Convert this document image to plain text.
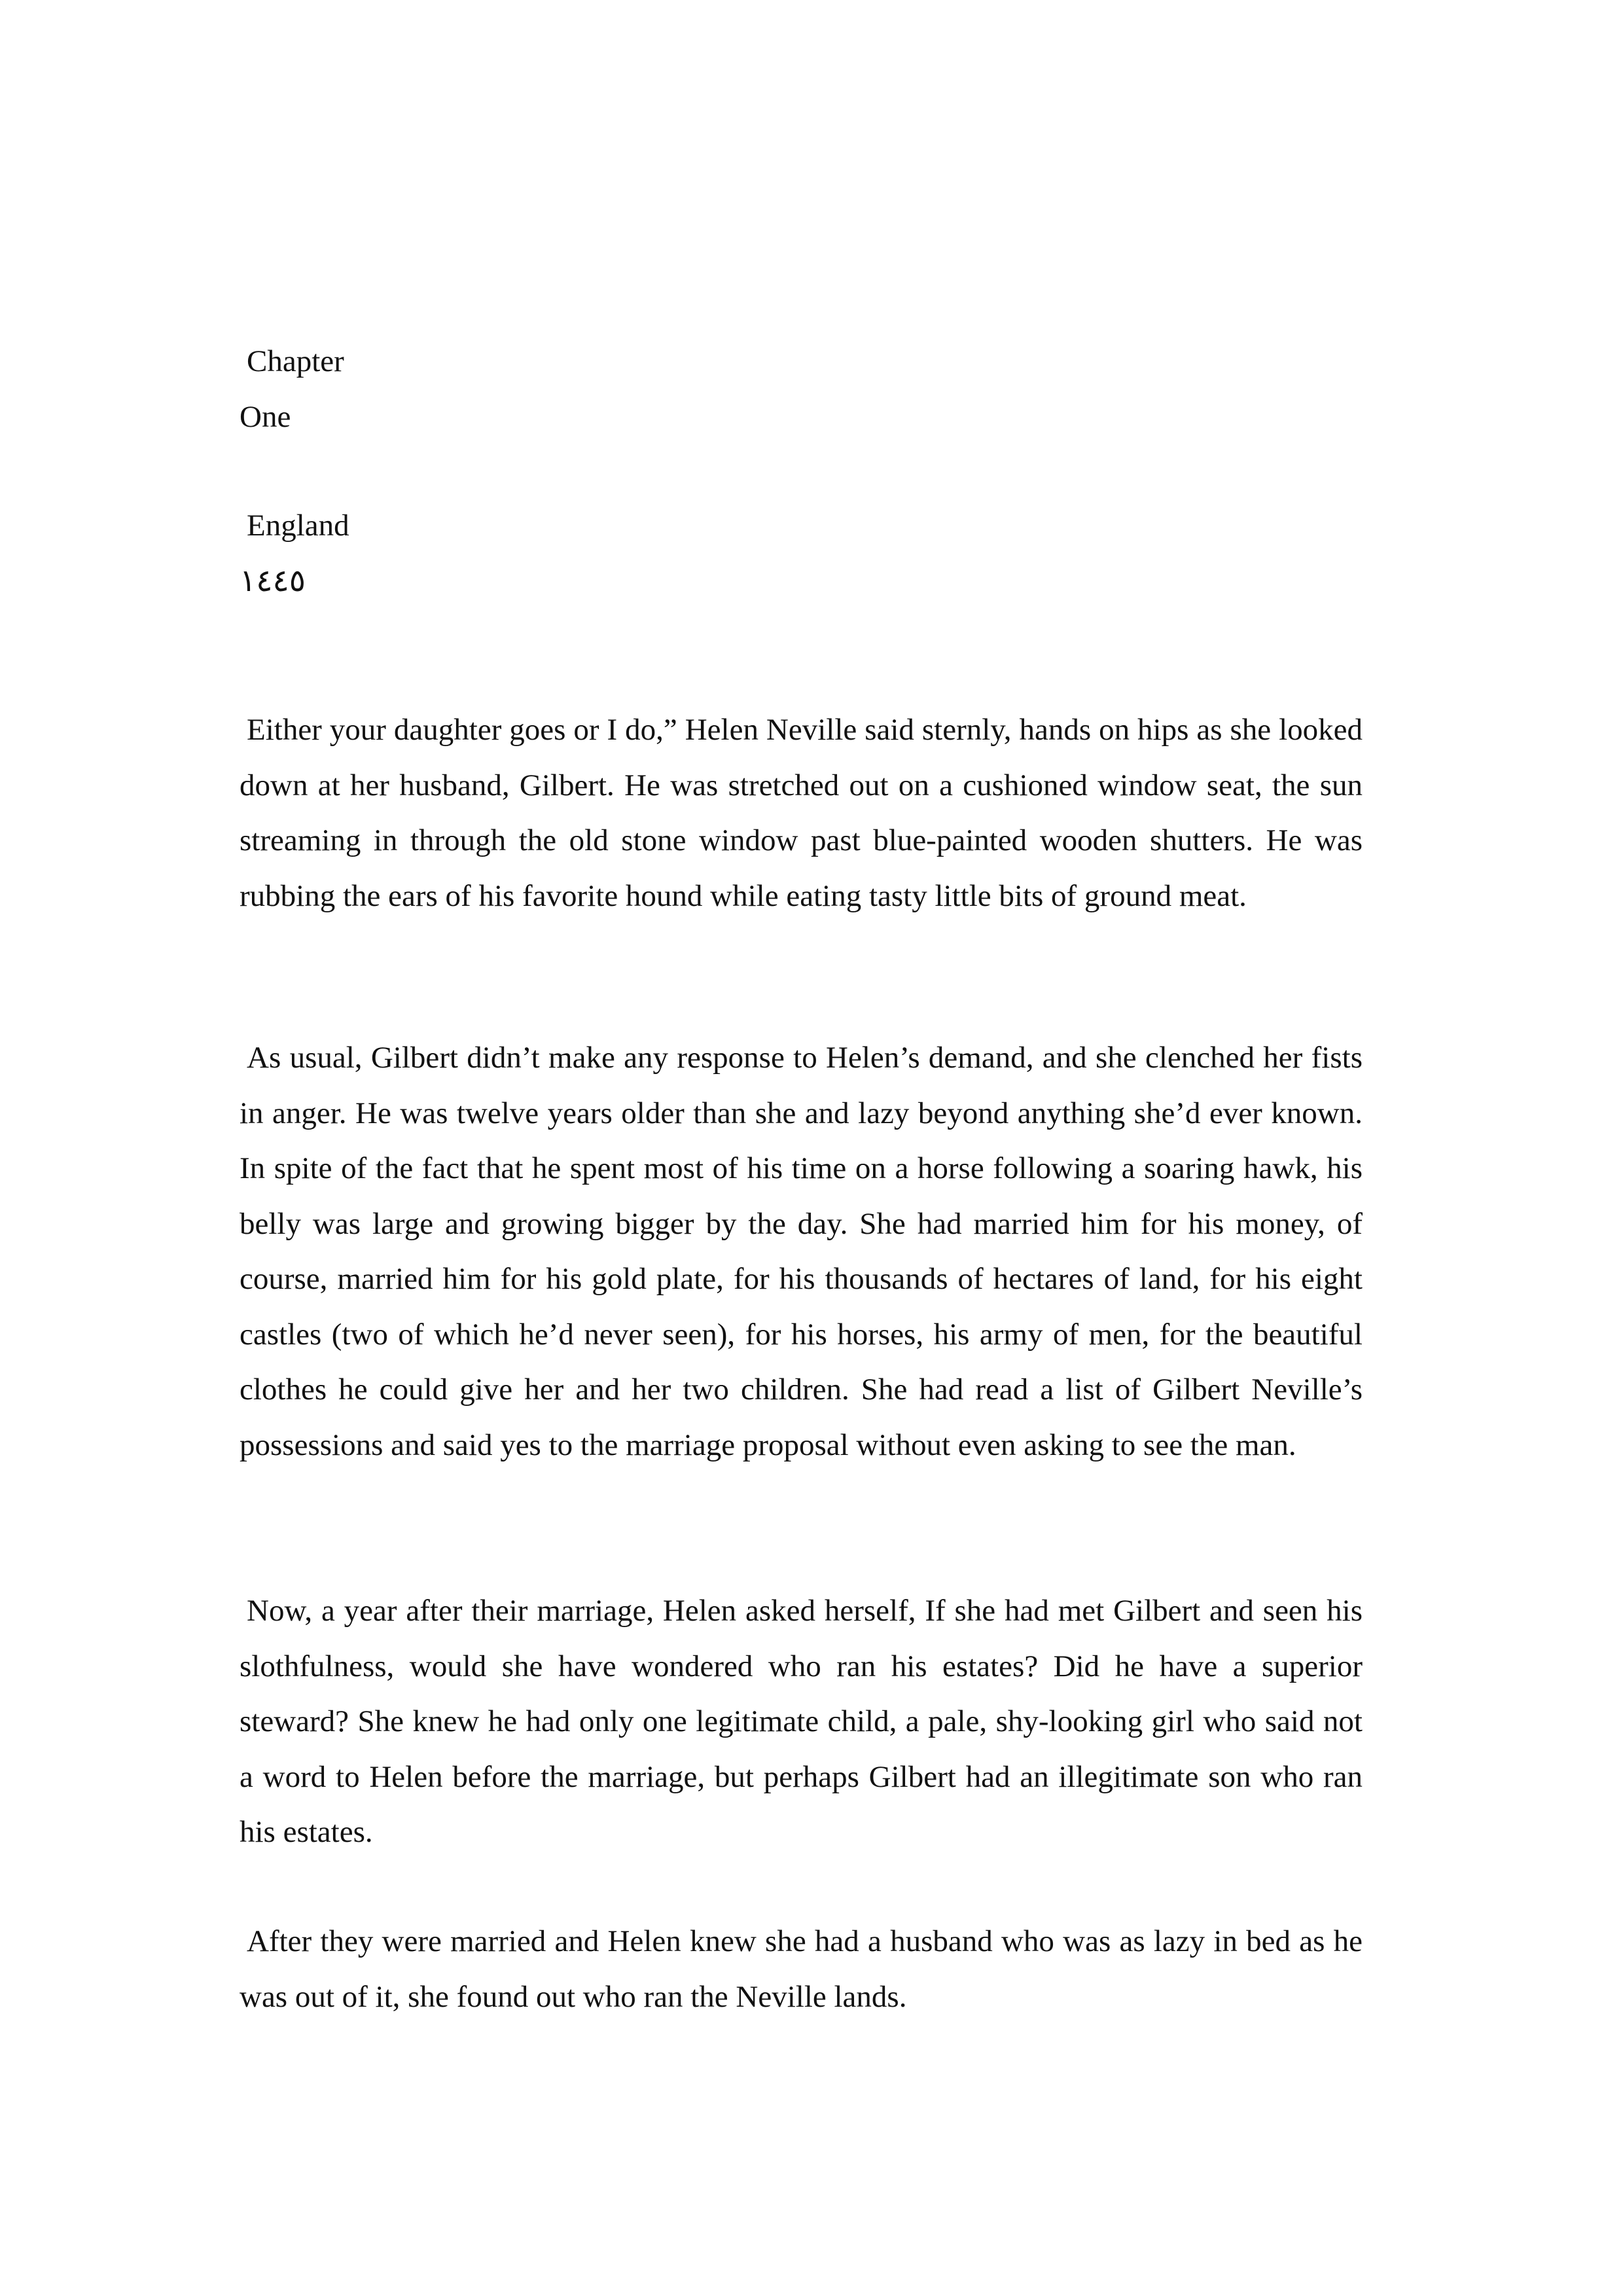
Chapter
One
England
١٤٤٥

Either your daughter goes or I do,” Helen Neville said sternly, hands on hips as she looked down at her husband, Gilbert. He was stretched out on a cushioned window seat, the sun streaming in through the old stone window past blue-painted wooden shutters. He was rubbing the ears of his favorite hound while eating tasty little bits of ground meat.

As usual, Gilbert didn’t make any response to Helen’s demand, and she clenched her fists in anger. He was twelve years older than she and lazy beyond anything she’d ever known. In spite of the fact that he spent most of his time on a horse following a soaring hawk, his belly was large and growing bigger by the day. She had married him for his money, of course, married him for his gold plate, for his thousands of hectares of land, for his eight castles (two of which he’d never seen), for his horses, his army of men, for the beautiful clothes he could give her and her two children. She had read a list of Gilbert Neville’s possessions and said yes to the marriage proposal without even asking to see the man.

Now, a year after their marriage, Helen asked herself, If she had met Gilbert and seen his slothfulness, would she have wondered who ran his estates? Did he have a superior steward? She knew he had only one legitimate child, a pale, shy-looking girl who said not a word to Helen before the marriage, but perhaps Gilbert had an illegitimate son who ran his estates.

After they were married and Helen knew she had a husband who was as lazy in bed as he was out of it, she found out who ran the Neville lands.
